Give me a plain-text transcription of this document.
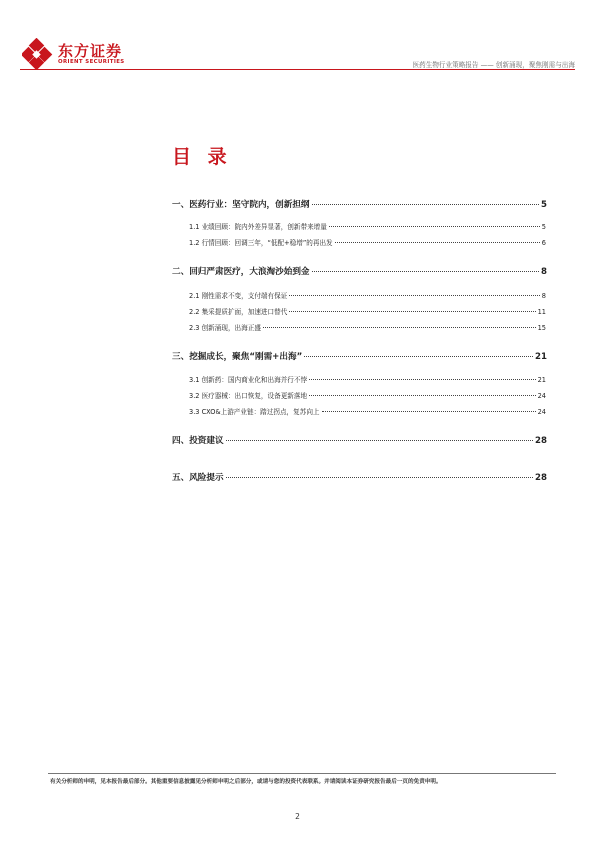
东方证券
ORIENT SECURITIES	医药生物行业策略报告 —— 创新涌现，聚焦刚需与出海
目 录
一、医药行业：坚守院内，创新担纲	5
1.1 业绩回顾：院内外差异显著，创新带来增量	5
1.2 行情回顾：回调三年，“低配+稳增”的再出发	6
二、回归严肃医疗，大浪淘沙始到金	8
2.1 刚性需求不变，支付端有保证	8
2.2 集采提质扩面，加速进口替代	11
2.3 创新涌现，出海正盛	15
三、挖掘成长，聚焦“刚需+出海”	21
3.1 创新药：国内商业化和出海并行不悖	21
3.2 医疗器械：出口恢复，设备更新落地	24
3.3 CXO&上游产业链：踏过拐点，复苏向上	24
四、投资建议	28
五、风险提示	28
有关分析师的申明，见本报告最后部分。其他重要信息披露见分析师申明之后部分，或请与您的投资代表联系。并请阅读本证券研究报告最后一页的免责申明。
2
